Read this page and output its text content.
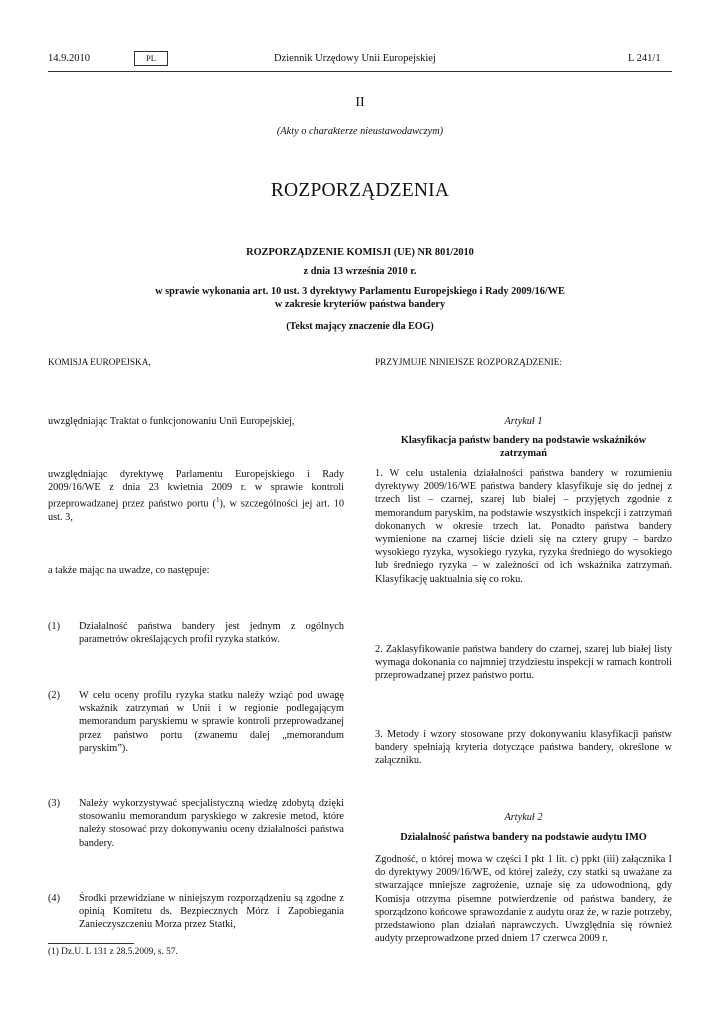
14.9.2010	PL	Dziennik Urzędowy Unii Europejskiej	L 241/1
II
(Akty o charakterze nieustawodawczym)
ROZPORZĄDZENIA
ROZPORZĄDZENIE KOMISJI (UE) NR 801/2010
z dnia 13 września 2010 r.
w sprawie wykonania art. 10 ust. 3 dyrektywy Parlamentu Europejskiego i Rady 2009/16/WE
w zakresie kryteriów państwa bandery
(Tekst mający znaczenie dla EOG)
KOMISJA EUROPEJSKA,
uwzględniając Traktat o funkcjonowaniu Unii Europejskiej,
uwzględniając dyrektywę Parlamentu Europejskiego i Rady 2009/16/WE z dnia 23 kwietnia 2009 r. w sprawie kontroli przeprowadzanej przez państwo portu ($^1$), w szczególności jej art. 10 ust. 3,
a także mając na uwadze, co następuje:
(1) Działalność państwa bandery jest jednym z ogólnych parametrów określających profil ryzyka statków.
(2) W celu oceny profilu ryzyka statku należy wziąć pod uwagę wskaźnik zatrzymań w Unii i w regionie podlegającym memorandum paryskiemu w sprawie kontroli przeprowadzanej przez państwo portu (zwanemu dalej „memorandum paryskim”).
(3) Należy wykorzystywać specjalistyczną wiedzę zdobytą dzięki stosowaniu memorandum paryskiego w zakresie metod, które należy stosować przy dokonywaniu oceny działalności państwa bandery.
(4) Środki przewidziane w niniejszym rozporządzeniu są zgodne z opinią Komitetu ds. Bezpiecznych Mórz i Zapobiegania Zanieczyszczeniu Morza przez Statki,
(1) Dz.U. L 131 z 28.5.2009, s. 57.
PRZYJMUJE NINIEJSZE ROZPORZĄDZENIE:
Artykuł 1
Klasyfikacja państw bandery na podstawie wskaźników zatrzymań
1. W celu ustalenia działalności państwa bandery w rozumieniu dyrektywy 2009/16/WE państwa bandery klasyfikuje się do jednej z trzech list – czarnej, szarej lub białej – przyjętych zgodnie z memorandum paryskim, na podstawie wszystkich inspekcji i zatrzymań dokonanych w okresie trzech lat. Ponadto państwa bandery wymienione na czarnej liście dzieli się na cztery grupy – bardzo wysokiego ryzyka, wysokiego ryzyka, ryzyka średniego do wysokiego lub średniego ryzyka – w zależności od ich wskaźnika zatrzymań. Klasyfikację uaktualnia się co roku.
2. Zaklasyfikowanie państwa bandery do czarnej, szarej lub białej listy wymaga dokonania co najmniej trzydziestu inspekcji w ramach kontroli przeprowadzanej przez państwo portu.
3. Metody i wzory stosowane przy dokonywaniu klasyfikacji państw bandery spełniają kryteria dotyczące państwa bandery, określone w załączniku.
Artykuł 2
Działalność państwa bandery na podstawie audytu IMO
Zgodność, o której mowa w części I pkt 1 lit. c) ppkt (iii) załącznika I do dyrektywy 2009/16/WE, od której zależy, czy statki są uważane za stwarzające mniejsze zagrożenie, uznaje się za udowodnioną, gdy Komisja otrzyma pisemne potwierdzenie od państwa bandery, że sporządzono końcowe sprawozdanie z audytu oraz że, w razie potrzeby, przedstawiono plan działań naprawczych. Uwzględnia się również audyty przeprowadzone przed dniem 17 czerwca 2009 r.
